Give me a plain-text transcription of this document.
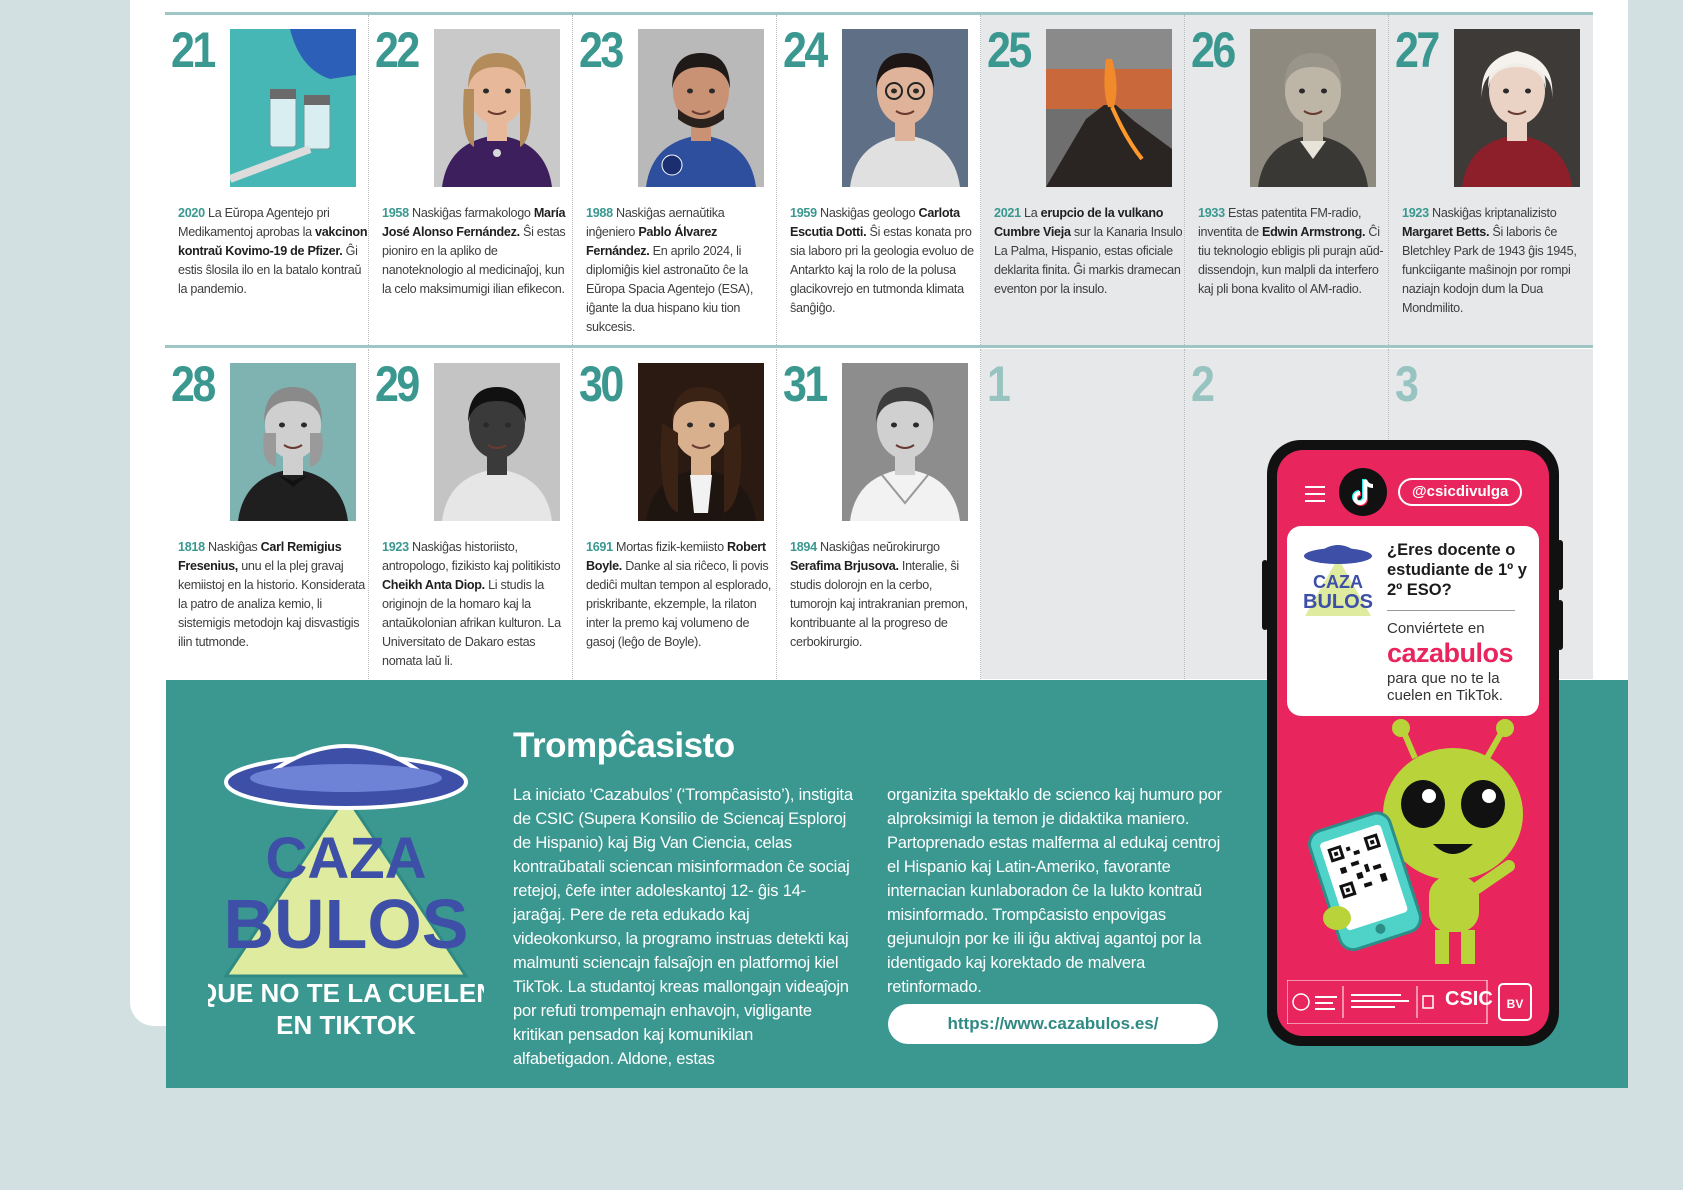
21
2020 La Eŭropa Agentejo pri Medikamentoj aprobas la vakcinon kontraŭ Kovimo-19 de Pfizer. Ĝi estis ŝlosila ilo en la batalo kontraŭ la pandemio.
22
1958 Naskiĝas farmakologo María José Alonso Fernández. Ŝi estas pioniro en la apliko de nanoteknologio al medicinaĵoj, kun la celo maksimumigi ilian efikecon.
23
1988 Naskiĝas aernaŭtika inĝeniero Pablo Álvarez Fernández. En aprilo 2024, li diplomiĝis kiel astronaŭto ĉe la Eŭropa Spacia Agentejo (ESA), iĝante la dua hispano kiu tion sukcesis.
24
1959 Naskiĝas geologo Carlota Escutia Dotti. Ŝi estas konata pro sia laboro pri la geologia evoluo de Antarkto kaj la rolo de la polusa glacikovrejo en tutmonda klimata ŝanĝiĝo.
25
2021 La erupcio de la vulkano Cumbre Vieja sur la Kanaria Insulo La Palma, Hispanio, estas oficiale deklarita finita. Ĝi markis dramecan eventon por la insulo.
26
1933 Estas patentita FM-radio, inventita de Edwin Armstrong. Ĉi tiu teknologio ebligis pli purajn aŭd-dissendojn, kun malpli da interfero kaj pli bona kvalito ol AM-radio.
27
1923 Naskiĝas kriptanalizisto Margaret Betts. Ŝi laboris ĉe Bletchley Park de 1943 ĝis 1945, funkciigante maŝinojn por rompi naziajn kodojn dum la Dua Mondmilito.
28
1818 Naskiĝas Carl Remigius Fresenius, unu el la plej gravaj kemiistoj en la historio. Konsiderata la patro de analiza kemio, li sistemigis metodojn kaj disvastigis ilin tutmonde.
29
1923 Naskiĝas historiisto, antropologo, fizikisto kaj politikisto Cheikh Anta Diop. Li studis la originojn de la homaro kaj la antaŭkolonian afrikan kulturon. La Universitato de Dakaro estas nomata laŭ li.
30
1691 Mortas fizik-kemiisto Robert Boyle. Danke al sia riĉeco, li povis dediĉi multan tempon al esplorado, priskribante, ekzemple, la rilaton inter la premo kaj volumeno de gasoj (leĝo de Boyle).
31
1894 Naskiĝas neŭrokirurgo Serafima Brjusova. Interalie, ŝi studis dolorojn en la cerbo, tumorojn kaj intrakranian premon, kontribuante al la progreso de cerbokirurgio.
1	2	3
CAZA
BULOS
QUE NO TE LA CUELEN
EN TIKTOK
Trompĉasisto
La iniciato ‘Cazabulos’ (‘Trompĉasisto’), instigita de CSIC (Supera Konsilio de Sciencaj Esploroj de Hispanio) kaj Big Van Ciencia, celas kontraŭbatali sciencan misinformadon ĉe sociaj retejoj, ĉefe inter adoleskantoj 12- ĝis 14-jaraĝaj. Pere de reta edukado kaj videokonkurso, la programo instruas detekti kaj malmunti sciencajn falsaĵojn en platformoj kiel TikTok. La studantoj kreas mallongajn videaĵojn por refuti trompemajn enhavojn, vigligante kritikan pensadon kaj komunikilan alfabetigadon. Aldone, estas
organizita spektaklo de scienco kaj humuro por alproksimigi la temon je didaktika maniero. Partoprenado estas malferma al edukaj centroj el Hispanio kaj Latin-Ameriko, favorante internacian kunlaboradon ĉe la lukto kontraŭ misinformado. Trompĉasisto enpovigas gejunulojn por ke ili iĝu aktivaj agantoj por la identigado kaj korektado de malvera retinformado.
https://www.cazabulos.es/
@csicdivulga
CAZA
BULOS
¿Eres docente o estudiante de 1º y 2º ESO?
Conviértete en
cazabulos
para que no te la cuelen en TikTok.
BV
CSIC
